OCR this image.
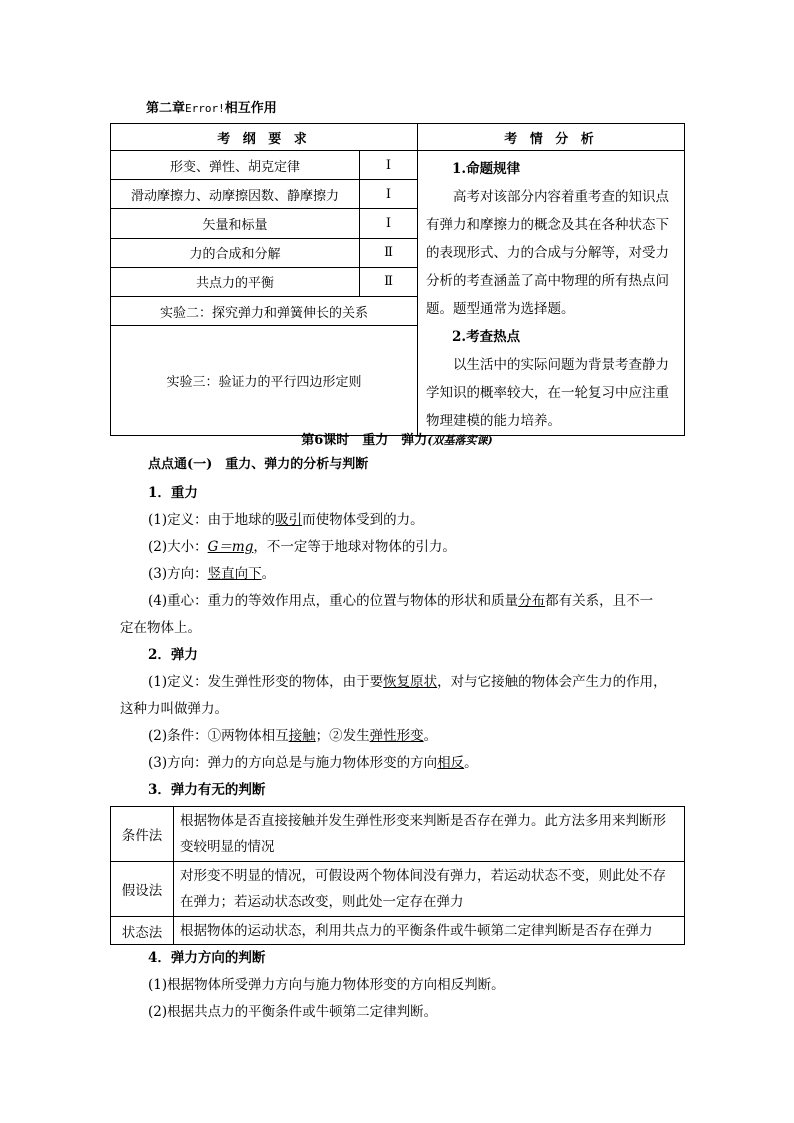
第二章Error!相互作用
考 纲 要 求		考 情 分 析
形变、弹性、胡克定律	Ⅰ	1.命题规律

高考对该部分内容着重考查的知识点有弹力和摩擦力的概念及其在各种状态下的表现形式、力的合成与分解等，对受力分析的考查涵盖了高中物理的所有热点问题。题型通常为选择题。

2.考查热点

以生活中的实际问题为背景考查静力学知识的概率较大，在一轮复习中应注重物理建模的能力培养。

滑动摩擦力、动摩擦因数、静摩擦力	Ⅰ	
矢量和标量	Ⅰ	
力的合成和分解	Ⅱ	
共点力的平衡	Ⅱ	
实验二：探究弹力和弹簧伸长的关系		
实验三：验证力的平行四边形定则		
第6课时　重力　弹力(双基落实课)
点点通(一)　重力、弹力的分析与判断
1．重力
(1)定义：由于地球的吸引而使物体受到的力。
(2)大小：G＝mg，不一定等于地球对物体的引力。
(3)方向：竖直向下。
(4)重心：重力的等效作用点，重心的位置与物体的形状和质量分布都有关系，且不一
定在物体上。
2．弹力
(1)定义：发生弹性形变的物体，由于要恢复原状，对与它接触的物体会产生力的作用，
这种力叫做弹力。
(2)条件：①两物体相互接触；②发生弹性形变。
(3)方向：弹力的方向总是与施力物体形变的方向相反。
3．弹力有无的判断
4．弹力方向的判断
(1)根据物体所受弹力方向与施力物体形变的方向相反判断。
(2)根据共点力的平衡条件或牛顿第二定律判断。
条件法	根据物体是否直接接触并发生弹性形变来判断是否存在弹力。此方法多用来判断形变较明显的情况
假设法	对形变不明显的情况，可假设两个物体间没有弹力，若运动状态不变，则此处不存在弹力；若运动状态改变，则此处一定存在弹力
状态法	根据物体的运动状态，利用共点力的平衡条件或牛顿第二定律判断是否存在弹力
